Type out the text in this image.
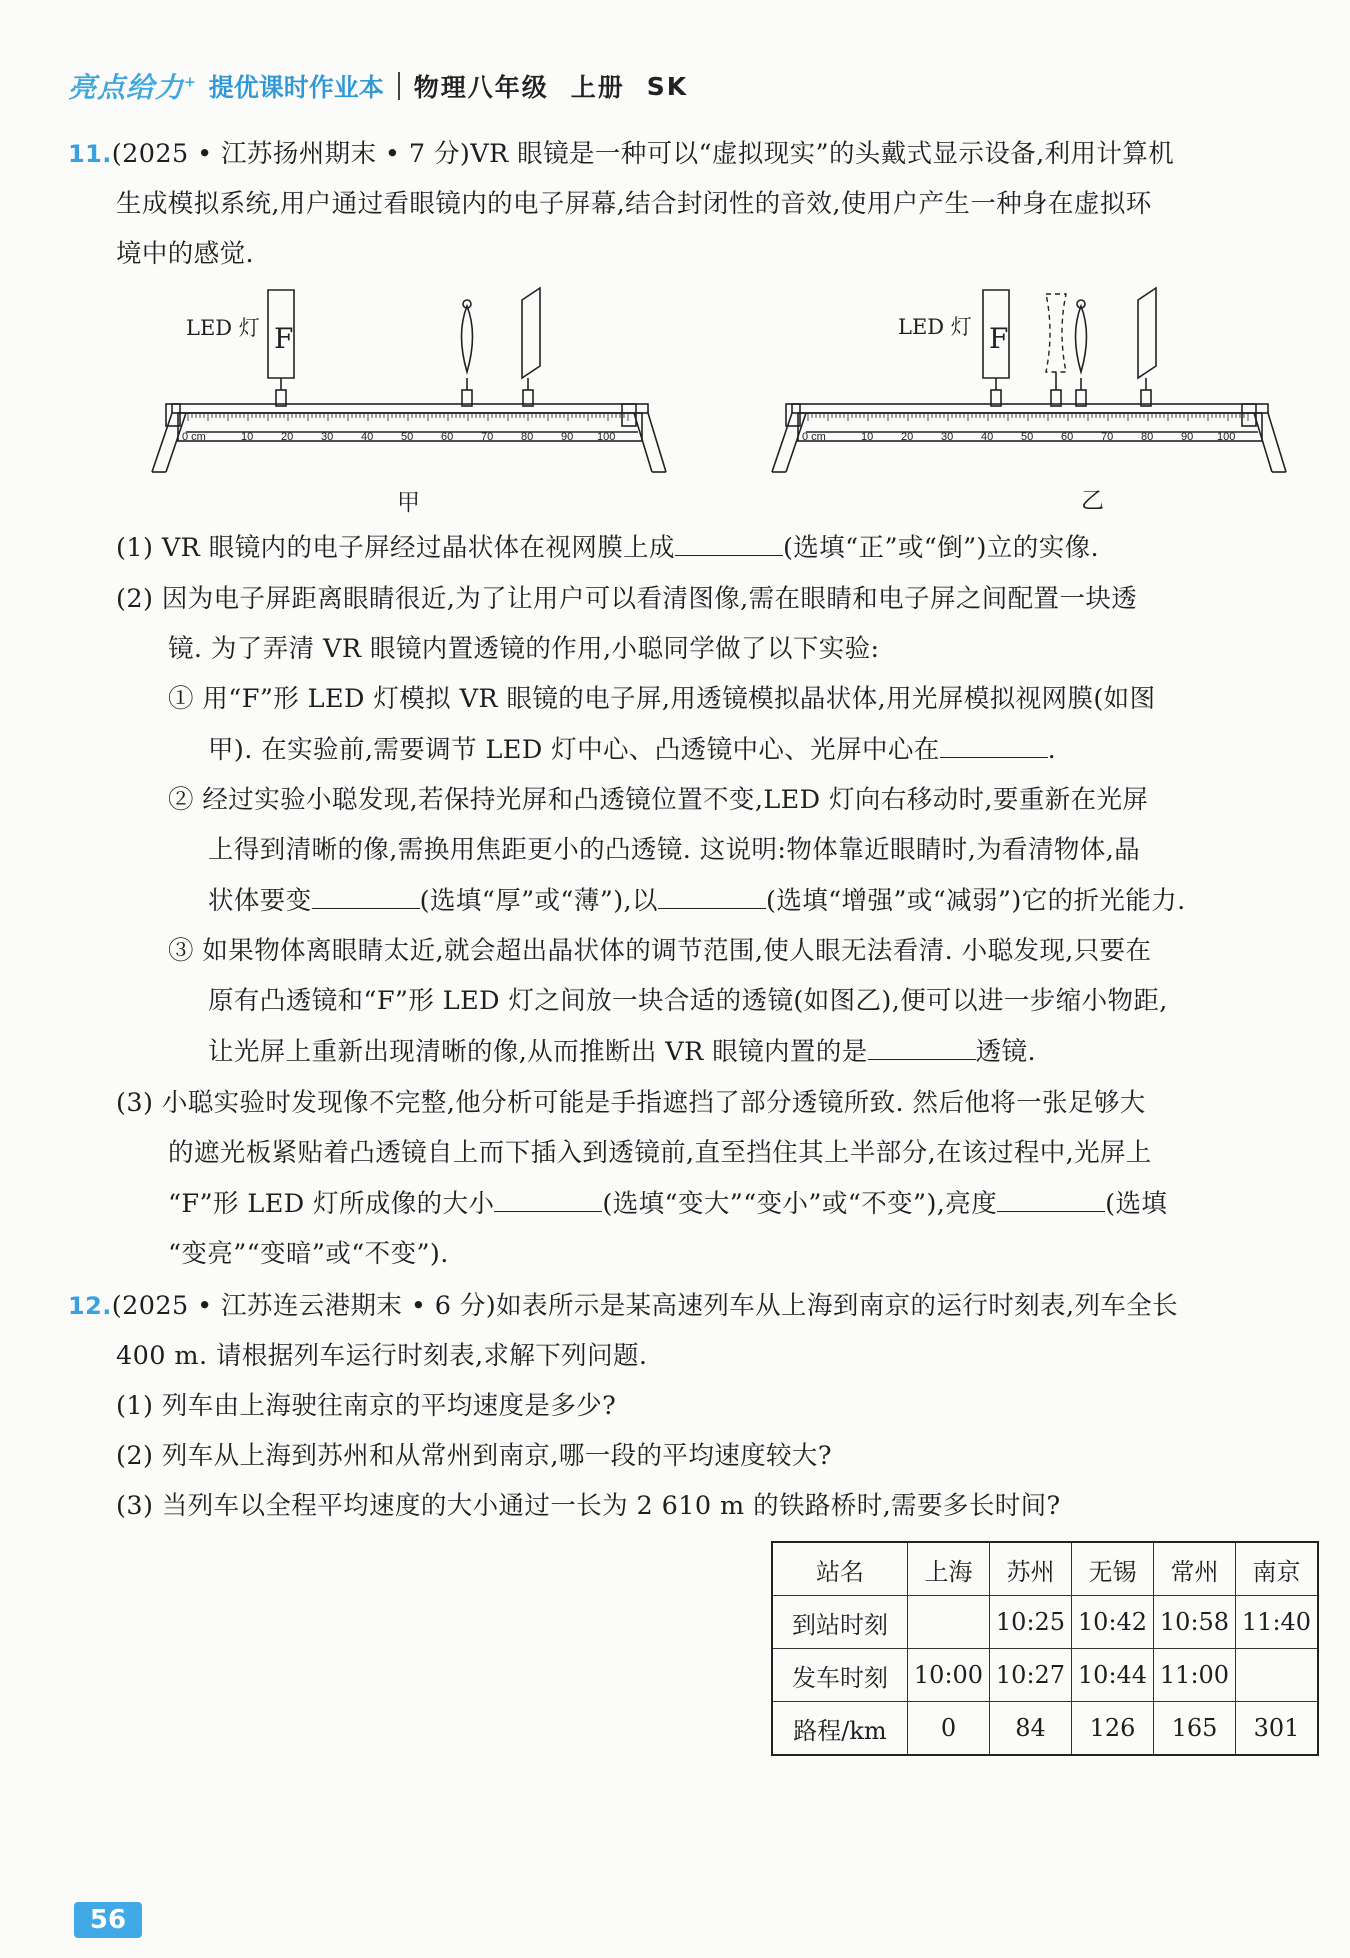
亮点给力+ 提优课时作业本 物理八年级 上册 SK
11.(2025 • 江苏扬州期末 • 7 分)VR 眼镜是一种可以“虚拟现实”的头戴式显示设备,利用计算机
生成模拟系统,用户通过看眼镜内的电子屏幕,结合封闭性的音效,使用户产生一种身在虚拟环
境中的感觉.
0 cm	10	20	30	40	50	60	70	80	90 100
F
LED 灯
甲
0 cm	10	20	30	40	50	60	70	80	90 100
F
LED 灯
乙
(1) VR 眼镜内的电子屏经过晶状体在视网膜上成	(选填“正”或“倒”)立的实像.
(2) 因为电子屏距离眼睛很近,为了让用户可以看清图像,需在眼睛和电子屏之间配置一块透
镜. 为了弄清 VR 眼镜内置透镜的作用,小聪同学做了以下实验:
① 用“F”形 LED 灯模拟 VR 眼镜的电子屏,用透镜模拟晶状体,用光屏模拟视网膜(如图
甲). 在实验前,需要调节 LED 灯中心、凸透镜中心、光屏中心在	.
② 经过实验小聪发现,若保持光屏和凸透镜位置不变,LED 灯向右移动时,要重新在光屏
上得到清晰的像,需换用焦距更小的凸透镜. 这说明:物体靠近眼睛时,为看清物体,晶
状体要变	(选填“厚”或“薄”),以	(选填“增强”或“减弱”)它的折光能力.
③ 如果物体离眼睛太近,就会超出晶状体的调节范围,使人眼无法看清. 小聪发现,只要在
原有凸透镜和“F”形 LED 灯之间放一块合适的透镜(如图乙),便可以进一步缩小物距,
让光屏上重新出现清晰的像,从而推断出 VR 眼镜内置的是	透镜.
(3) 小聪实验时发现像不完整,他分析可能是手指遮挡了部分透镜所致. 然后他将一张足够大
的遮光板紧贴着凸透镜自上而下插入到透镜前,直至挡住其上半部分,在该过程中,光屏上
“F”形 LED 灯所成像的大小	(选填“变大”“变小”或“不变”),亮度	(选填
“变亮”“变暗”或“不变”).
12.(2025 • 江苏连云港期末 • 6 分)如表所示是某高速列车从上海到南京的运行时刻表,列车全长
400 m. 请根据列车运行时刻表,求解下列问题.
(1) 列车由上海驶往南京的平均速度是多少?
(2) 列车从上海到苏州和从常州到南京,哪一段的平均速度较大?
(3) 当列车以全程平均速度的大小通过一长为 2 610 m 的铁路桥时,需要多长时间?
站名	上海	苏州	无锡	常州	南京
到站时刻		10:25	10:42	10:58	11:40
发车时刻	10:00	10:27	10:44	11:00	
路程/km	0	84	126	165	301
56
